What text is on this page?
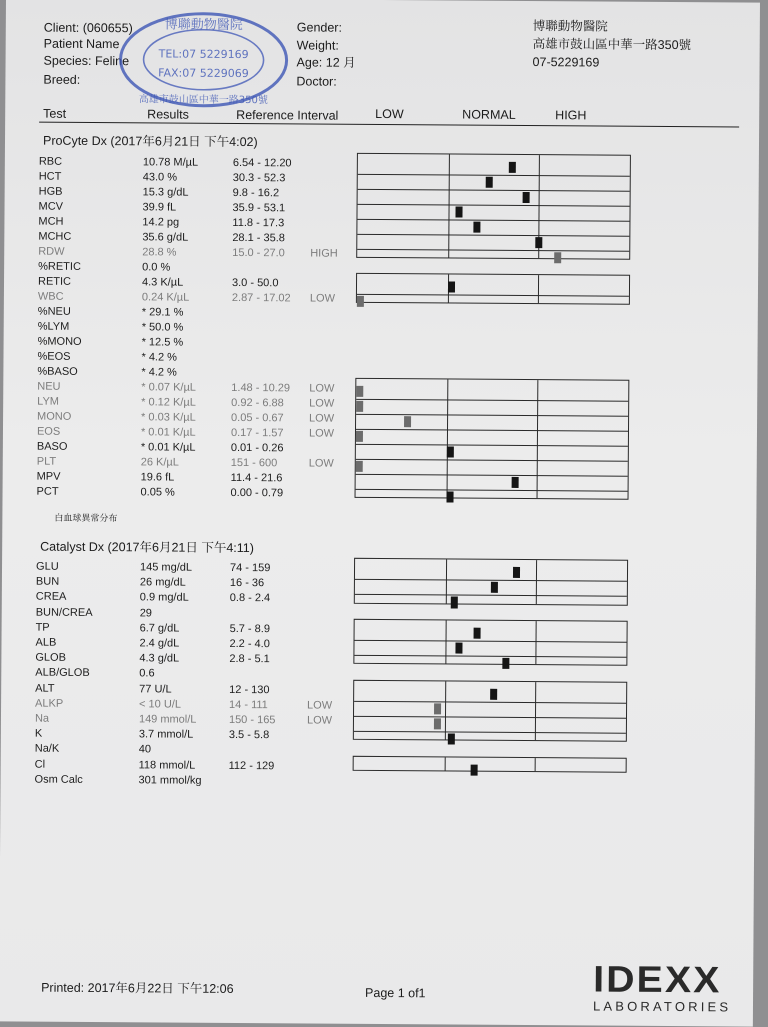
Client: (060655)
Patient Name
Species: Feline
Breed:
Gender:
Weight:
Age: 12 月
Doctor:
博聯動物醫院
高雄市鼓山區中華一路350號
07-5229169
博聯動物醫院
TEL:07 5229169
FAX:07 5229069
高雄市鼓山區中華一路350號
Test	Results	Reference Interval	LOW	NORMAL	HIGH
ProCyte Dx (2017年6月21日 下午4:02)
Catalyst Dx (2017年6月21日 下午4:11)
白血球異常分布
RBC	10.78 M/µL	6.54 - 12.20
HCT	43.0 %	30.3 - 52.3
HGB	15.3 g/dL	9.8 - 16.2
MCV	39.9 fL	35.9 - 53.1
MCH	14.2 pg	11.8 - 17.3
MCHC	35.6 g/dL	28.1 - 35.8
RDW	28.8 %	15.0 - 27.0 HIGH
%RETIC	0.0 %
RETIC	4.3 K/µL	3.0 - 50.0
WBC	0.24 K/µL	2.87 - 17.02 LOW
%NEU	* 29.1 %
%LYM	* 50.0 %
%MONO	* 12.5 %
%EOS	* 4.2 %
%BASO	* 4.2 %
NEU	* 0.07 K/µL	1.48 - 10.29 LOW
LYM	* 0.12 K/µL	0.92 - 6.88 LOW
MONO	* 0.03 K/µL	0.05 - 0.67 LOW
EOS	* 0.01 K/µL	0.17 - 1.57 LOW
BASO	* 0.01 K/µL	0.01 - 0.26
PLT	26 K/µL	151 - 600	LOW
MPV	19.6 fL	11.4 - 21.6
PCT	0.05 %	0.00 - 0.79
GLU	145 mg/dL	74 - 159
BUN	26 mg/dL	16 - 36
CREA	0.9 mg/dL	0.8 - 2.4
BUN/CREA	29
TP	6.7 g/dL	5.7 - 8.9
ALB	2.4 g/dL	2.2 - 4.0
GLOB	4.3 g/dL	2.8 - 5.1
ALB/GLOB	0.6
ALT	77 U/L	12 - 130
ALKP	< 10 U/L	14 - 111	LOW
Na	149 mmol/L	150 - 165	LOW
K	3.7 mmol/L	3.5 - 5.8
Na/K	40
Cl	118 mmol/L	112 - 129
Osm Calc	301 mmol/kg
Printed: 2017年6月22日 下午12:06	Page 1 of1	IDEXX
LABORATORIES
